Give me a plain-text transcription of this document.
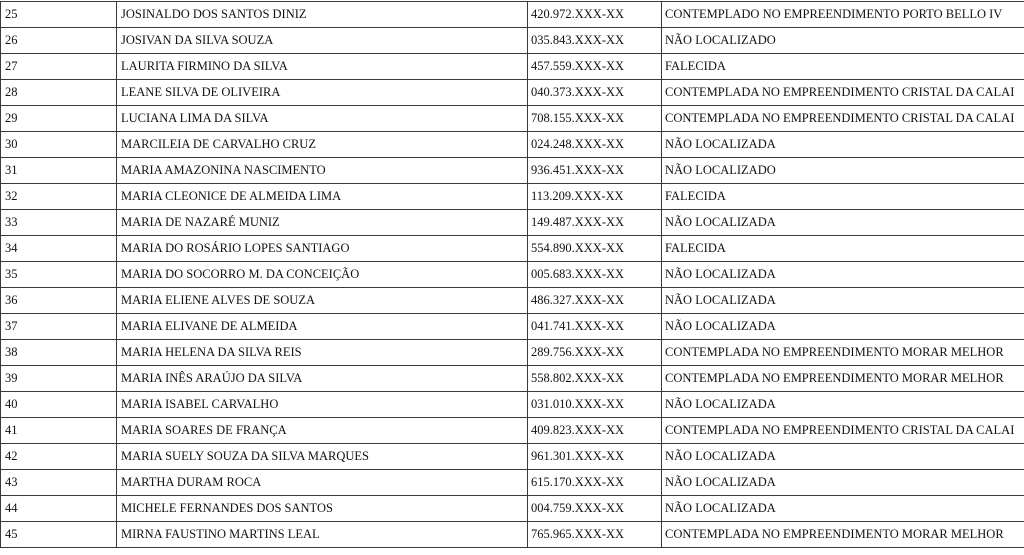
25	JOSINALDO DOS SANTOS DINIZ	420.972.XXX-XX	CONTEMPLADO NO EMPREENDIMENTO PORTO BELLO IV
26	JOSIVAN DA SILVA SOUZA	035.843.XXX-XX	NÃO LOCALIZADO
27	LAURITA FIRMINO DA SILVA	457.559.XXX-XX	FALECIDA
28	LEANE SILVA DE OLIVEIRA	040.373.XXX-XX	CONTEMPLADA NO EMPREENDIMENTO CRISTAL DA CALAI
29	LUCIANA LIMA DA SILVA	708.155.XXX-XX	CONTEMPLADA NO EMPREENDIMENTO CRISTAL DA CALAI
30	MARCILEIA DE CARVALHO CRUZ	024.248.XXX-XX	NÃO LOCALIZADA
31	MARIA AMAZONINA NASCIMENTO	936.451.XXX-XX	NÃO LOCALIZADO
32	MARIA CLEONICE DE ALMEIDA LIMA	113.209.XXX-XX	FALECIDA
33	MARIA DE NAZARÉ MUNIZ	149.487.XXX-XX	NÃO LOCALIZADA
34	MARIA DO ROSÁRIO LOPES SANTIAGO	554.890.XXX-XX	FALECIDA
35	MARIA DO SOCORRO M. DA CONCEIÇÃO	005.683.XXX-XX	NÃO LOCALIZADA
36	MARIA ELIENE ALVES DE SOUZA	486.327.XXX-XX	NÃO LOCALIZADA
37	MARIA ELIVANE DE ALMEIDA	041.741.XXX-XX	NÃO LOCALIZADA
38	MARIA HELENA DA SILVA REIS	289.756.XXX-XX	CONTEMPLADA NO EMPREENDIMENTO MORAR MELHOR
39	MARIA INÊS ARAÚJO DA SILVA	558.802.XXX-XX	CONTEMPLADA NO EMPREENDIMENTO MORAR MELHOR
40	MARIA ISABEL CARVALHO	031.010.XXX-XX	NÃO LOCALIZADA
41	MARIA SOARES DE FRANÇA	409.823.XXX-XX	CONTEMPLADA NO EMPREENDIMENTO CRISTAL DA CALAI
42	MARIA SUELY SOUZA DA SILVA MARQUES	961.301.XXX-XX	NÃO LOCALIZADA
43	MARTHA DURAM ROCA	615.170.XXX-XX	NÃO LOCALIZADA
44	MICHELE FERNANDES DOS SANTOS	004.759.XXX-XX	NÃO LOCALIZADA
45	MIRNA FAUSTINO MARTINS LEAL	765.965.XXX-XX	CONTEMPLADA NO EMPREENDIMENTO MORAR MELHOR
